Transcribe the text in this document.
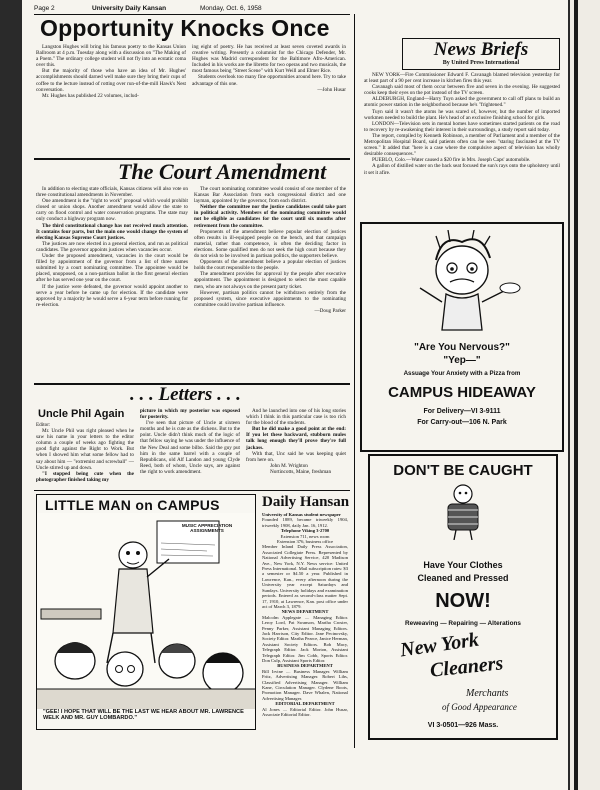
Page 2	University Daily Kansan	Monday, Oct. 6, 1958
Opportunity Knocks Once
Langston Hughes will bring his famous poetry to the Kansas Union Ballroom at 4 p.m. Tuesday along with a discussion on "The Making of a Poem." The ordinary college student will not fly into an ecstatic coma over this.
But the majority of those who have an idea of Mr. Hughes' accomplishments should darned well make sure they bring their cups of coffee to the lecture instead of rotting over run-of-the-mill Hawk's Nest conversation.
Mr. Hughes has published 22 volumes, includ-
ing eight of poetry. He has received at least seven coveted awards in creative writing. Presently a columnist for the Chicago Defender, Mr. Hughes was Madrid correspondent for the Baltimore Afro-American. Included in his works are the libretto for two operas and two musicals, the most famous being "Street Scene" with Kurt Weill and Elmer Rice.
Students overlook too many fine opportunities around here. Try to take advantage of this one.
—John Husar
The Court Amendment
In addition to electing state officials, Kansas citizens will also vote on three constitutional amendments in November.
One amendment is the "right to work" proposal which would prohibit closed or union shops. Another amendment would allow the state to carry on flood control and water conservation programs. The state may only conduct a highway program now.
The third constitutional change has not received much attention. It contains four parts, but the main one would change the system of electing Kansas Supreme Court justices.
The justices are now elected in a general election, and run as political candidates. The governor appoints justices when vacancies occur.
Under the proposed amendment, vacancies in the court would be filled by appointment of the governor from a list of three names submitted by a court nominating committee. The appointee would be placed, unopposed, on a non-partisan ballot in the first general election after he has served one year on the court.
If the justice were defeated, the governor would appoint another to serve a year before he came up for election. If the candidate were approved by a majority he would serve a 6-year term before running for re-election.
The court nominating committee would consist of one member of the Kansas Bar Association from each congressional district and one layman, appointed by the governor, from each district.
Neither the committee nor the justice candidates could take part in political activity. Members of the nominating committee would not be eligible as candidates for the court until six months after retirement from the committee.
Proponents of the amendment believe popular election of justices often results in ill-equipped people on the bench, and that campaign material, rather than competence, is often the deciding factor in elections. Some qualified men do not seek the high court because they do not wish to be involved in partisan politics, the supporters believe.
Opponents of the amendment believe a popular election of justices holds the court responsible to the people.
The amendment provides for approval by the people after executive appointment. The appointment is designed to select the most capable men, who are not always on the present party ticket.
However, partisan politics cannot be withdrawn entirely from the proposed system, since executive appointments to the nominating committee could involve partisan influence.
—Doug Parker
. . . Letters . . .
Uncle Phil Again
Editor:
Mr. Uncle Phil was right pleased when he saw his name in your letters to the editor column a couple of weeks ago fighting the good fight against the Right to Work. But when I showed him what some fellow had to say about him — "extremist and screwball" — Uncle stirred up and down.
"I stopped being cute when the photographer finished taking my
picture in which my posterior was exposed for posterity.
I've seen that picture of Uncle at sixteen months and he is cute as the dickens. But to the point. Uncle didn't think much of the logic of that fellow saying he was under the influence of the New Deal and some bilbo. Said the guy put him in the same barrel with a couple of Republicans, old Alf Landon and young Clyde Reed, both of whom, Uncle says, are against the right to work amendment.
And he launched into one of his long stories which I think in this particular case is too rich for the blood of the students.
But he did make a good point at the end: If you let these backward, stubborn mules talk long enough they'll prove they're full jackass.
With that, Unc said he was keeping quiet from here on.
John M. Wrighton
Nortincotts, Maine, freshman
LITTLE MAN on CAMPUS
MUSIC APPRECIATION ASSIGNMENTS
"GEE! I HOPE THAT WILL BE THE LAST WE HEAR ABOUT MR. LAWRENCE WELK AND MR. GUY LOMBARDO."
Daily Hansan
University of Kansas student newspaper
Founded 1889, became triweekly 1904, triweekly 1908, daily Jan. 16, 1912.
Telephone Viking 3-2700
Extension 711, news room
Extension 376, business office
Member Inland Daily Press Association, Associated Collegiate Press. Represented by National Advertising Service, 420 Madison Ave., New York, N.Y. News service: United Press International. Mail subscription rates: $3 a semester or $4.50 a year. Published in Lawrence, Kan., every afternoon during the University year except Saturdays and Sundays. University holidays and examination periods. Entered as second-class matter Sept. 17, 1910, at Lawrence, Kan. post office under act of March 3, 1879.
NEWS DEPARTMENT
Malcolm Applegate .... Managing Editor. Leroy Lord, Pat Swanson, Martha Crosier, Penny Parker, Assistant Managing Editors. Jack Harrison, City Editor. Jane Pecinovsky, Society Editor. Martha Pearce, Janice Herman, Assistant Society Editors. Bob Macy, Telegraph Editor. Jack Morton, Assistant Telegraph Editor. Jim Cobb, Sports Editor. Don Culp, Assistant Sports Editor.
BUSINESS DEPARTMENT
Bill Irvine .... Business Manager. William Fritz, Advertising Manager. Robert Lihs, Classified Advertising Manager. William Kane, Circulation Manager. Clydene Boots, Promotion Manager. Dave Whalen, National Advertising Manager.
EDITORIAL DEPARTMENT
Al Jones .... Editorial Editor. John Husar, Associate Editorial Editor.
News Briefs
By United Press International
NEW YORK—Fire Commissioner Edward F. Cavanagh blamed television yesterday for at least part of a 90 per cent increase in kitchen fires this year.
Cavanagh said most of them occur between five and seven in the evening. He suggested cooks keep their eyes on the pot instead of the TV screen.
ALDEBURGH, England—Harry Tuyn asked the government to call off plans to build an atomic power station in the neighborhood because he's "frightened."
Tuyn said it wasn't the atoms he was scared of, however, but the number of imported workmen needed to build the plant. He's head of an exclusive finishing school for girls.
LONDON—Television sets in mental homes have sometimes started patients on the road to recovery by re-awakening their interest in their surroundings, a study report said today.
The report, compiled by Kenneth Robinson, a member of Parliament and a member of the Metropolitan Hospital Board, said patients often can be seen "staring fascinated at the TV screen." It added that "here is a case where the compulsive aspect of television has wholly desirable consequences."
PUEBLO, Colo.—Water caused a $20 fire in Mrs. Joseph Caps' automobile.
A gallon of distilled water on the back seat focused the sun's rays onto the upholstery until it set it afire.
"Are You Nervous?"
"Yep—"
Assuage Your Anxiety with a Pizza from
CAMPUS HIDEAWAY
For Delivery—VI 3-9111
For Carry-out—106 N. Park
DON'T BE CAUGHT
Have Your Clothes
Cleaned and Pressed
NOW!
Reweaving — Repairing — Alterations
New York
Cleaners
Merchants
of Good Appearance
VI 3-0501—926 Mass.
